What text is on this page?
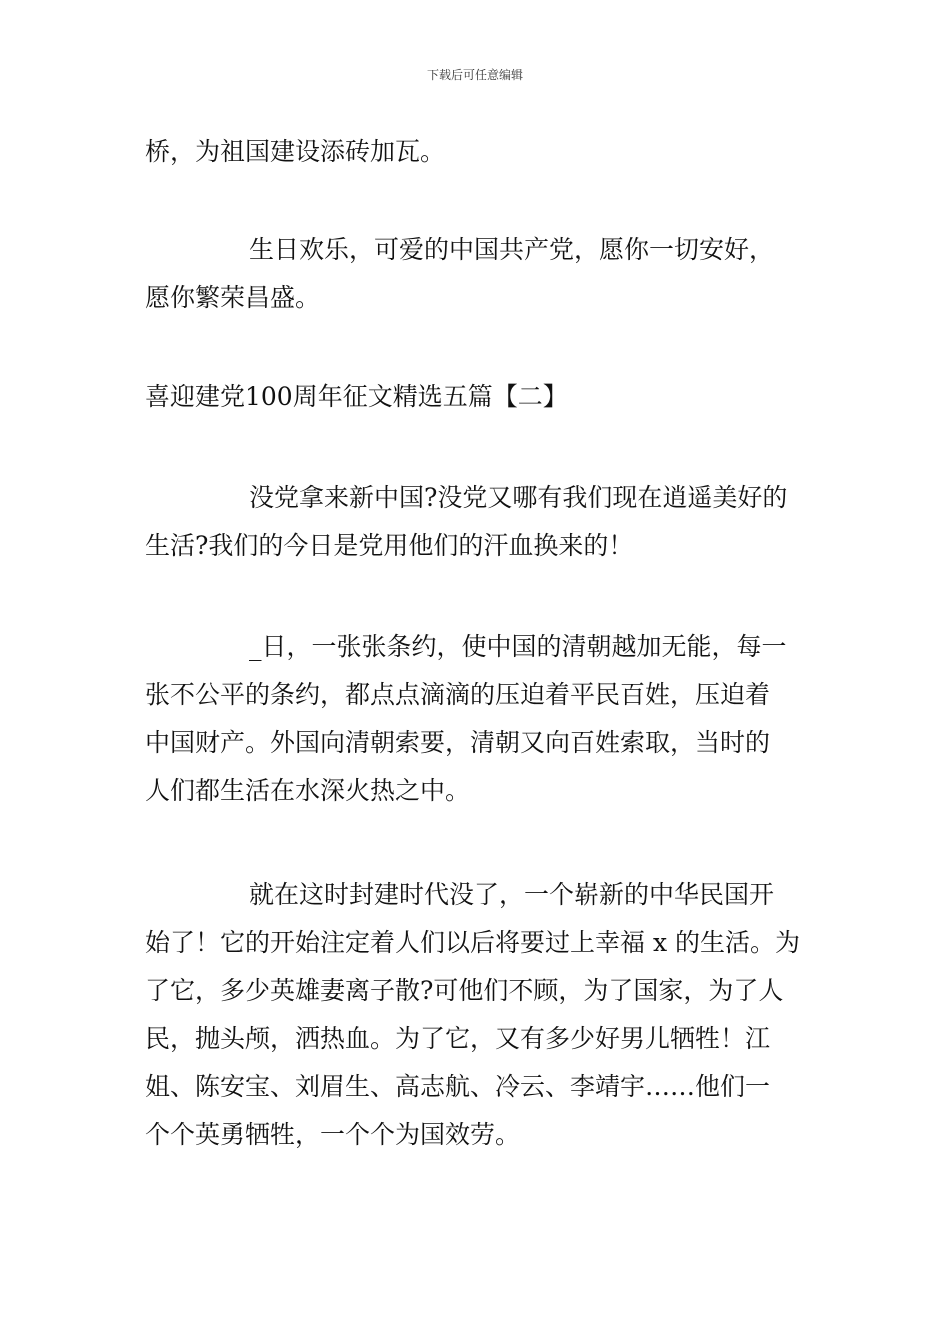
下载后可任意编辑
桥，为祖国建设添砖加瓦。
生日欢乐，可爱的中国共产党，愿你一切安好，
愿你繁荣昌盛。
喜迎建党100周年征文精选五篇【二】
没党拿来新中国?没党又哪有我们现在逍遥美好的
生活?我们的今日是党用他们的汗血换来的！
_日，一张张条约，使中国的清朝越加无能，每一
张不公平的条约，都点点滴滴的压迫着平民百姓，压迫着
中国财产。外国向清朝索要，清朝又向百姓索取，当时的
人们都生活在水深火热之中。
就在这时封建时代没了，一个崭新的中华民国开
始了！它的开始注定着人们以后将要过上幸福 x 的生活。为
了它，多少英雄妻离子散?可他们不顾，为了国家，为了人
民，抛头颅，洒热血。为了它，又有多少好男儿牺牲！江
姐、陈安宝、刘眉生、高志航、冷云、李靖宇……他们一
个个英勇牺牲，一个个为国效劳。
